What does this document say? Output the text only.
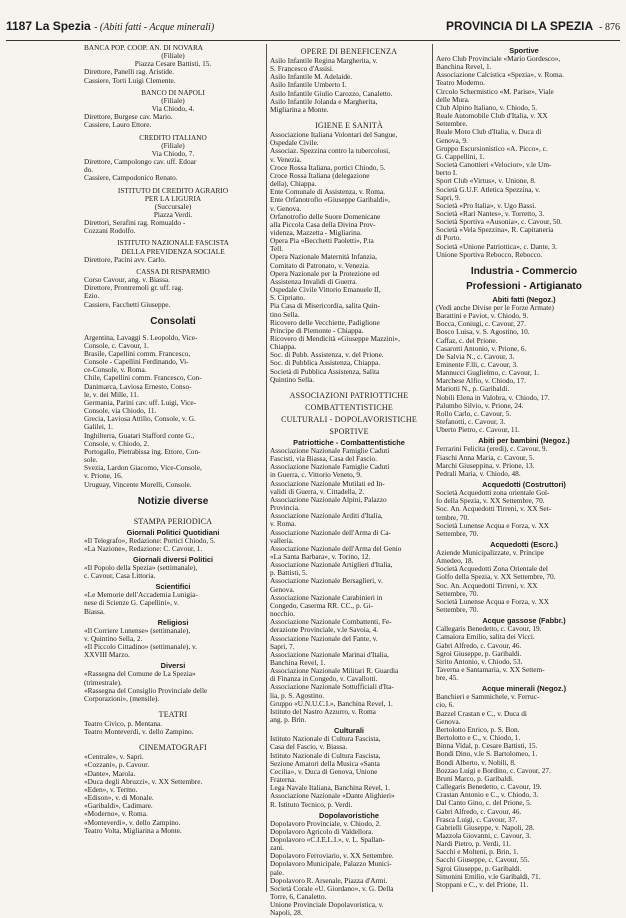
1187 La Spezia - (Abiti fatti - Acque minerali)	PROVINCIA DI LA SPEZIA - 876
BANCA POP. COOP. AN. DI NOVARA
(Filiale)
Piazza Cesare Battisti, 15.
Direttore, Panelli rag. Aristide.
Cassiere, Torti Luigi Clemente.
BANCO DI NAPOLI
(Filiale)
Via Chiodo, 4.
Direttore, Burgese cav. Mario.
Cassiere, Lauro Ettore.
CREDITO ITALIANO
(Filiale)
Via Chiodo, 7.
Direttore, Campolongo cav. uff. Edoar
do.
Cassiere, Campodonico Renato.
ISTITUTO DI CREDITO AGRARIO
PER LA LIGURIA
(Succursale)
Piazza Verdi.
Direttori, Serafini rag. Romualdo -
Cozzani Rodolfo.
ISTITUTO NAZIONALE FASCISTA
DELLA PREVIDENZA SOCIALE
Direttore, Pacini avv. Carlo.
CASSA DI RISPARMIO
Corso Cavour, ang. v. Biassa.
Direttore, Prontremoli gr. uff. rag.
Ezio.
Cassiere, Facchetti Giuseppe.
Consolati
Argentina, Lavaggi S. Leopoldo, Vice-
Console, c. Cavour, 1.
Brasile, Capellini comm. Francesco,
Console - Capellini Ferdinando, Vi-
ce-Console, v. Roma.
Chile, Capellini comm. Francesco, Con-
Danimarca, Laviosa Ernesto, Conso-
le, v. dei Mille, 11.
Germania, Parini cav. uff. Luigi, Vice-
Console, via Chiodo, 11.
Grecia, Laviosa Attilio, Console, v. G.
Galilei, 1.
Inghilterra, Guatari Stafford conte G.,
Console, v. Chiodo, 2.
Portogallo, Pietrabissa ing. Ettore, Con-
sole.
Svezia, Lardon Giacomo, Vice-Console,
v. Prione, 16.
Uruguay, Vincente Morelli, Console.
Notizie diverse
STAMPA PERIODICA
Giornali Politici Quotidiani
«Il Telegrafo», Redazione: Portici Chiodo, 5.
«La Nazione», Redazione: C. Cavour, 1.
Giornali diversi Politici
«Il Popolo della Spezia» (settimanale),
c. Cavour, Casa Littoria.
Scientifici
«Le Memorie dell'Accademia Lunigia-
nese di Scienze G. Capellini», v.
Biassa.
Religiosi
«Il Corriere Lunense» (settimanale),
v. Quintino Sella, 2.
«Il Piccolo Cittadino» (settimanale), v.
XXVIII Marzo.
Diversi
«Rassegna del Comune de La Spezia»
(trimestrale).
«Rassegna del Consiglio Provinciale delle
Corporazioni», (mensile).
TEATRI
Teatro Civico, p. Mentana.
Teatro Monteverdi, v. dello Zampino.
CINEMATOGRAFI
«Centrale», v. Sapri.
«Cozzani», p. Cavour.
«Dante», Marola.
«Duca degli Abruzzi», v. XX Settembre.
«Eden», v. Termo.
«Edison», v. di Monale.
«Garibaldi», Cadimare.
«Moderno», v. Roma.
«Monteverdi», v. dello Zampino.
Teatro Volta, Migliarina a Monte.
OPERE DI BENEFICENZA
Asilo Infantile Regina Margherita, v.
S. Francesco d'Assisi.
Asilo Infantile M. Adelaide.
Asilo Infantile Umberto I.
Asilo Infantile Giulio Carozzo, Canaletto.
Asilo Infantile Jolanda e Margherita,
Migliarina a Monte.
IGIENE E SANITÀ
Associazione Italiana Volontari del Sangue,
Ospedale Civile.
Associaz. Spezzina contro la tubercolosi,
v. Venezia.
Croce Rossa Italiana, portici Chiodo, 5.
Croce Rossa Italiana (delegazione
della), Chiappa.
Ente Comunale di Assistenza, v. Roma.
Ente Orfanotrofio «Giuseppe Garibaldi»,
v. Genova.
Orfanotrofio delle Suore Domenicane
alla Piccola Casa della Divina Prov-
videnza, Mazzetta - Migliarina.
Opera Pia «Becchetti Paoletti», P.ta
Tell.
Opera Nazionale Maternità Infanzia,
Comitato di Patronato, v. Venezia.
Opera Nazionale per la Protezione ed
Assistenza Invalidi di Guerra.
Ospedale Civile Vittorio Emanuele II,
S. Cipriano.
Pia Casa di Misericordia, salita Quin-
tino Sella.
Ricovero delle Vecchiette, Padiglione
Principe di Piemonte - Chiappa.
Ricovero di Mendicità «Giuseppe Mazzini»,
Chiappa.
Soc. di Pubb. Assistenza, v. del Prione.
Soc. di Pubblica Assistenza, Chiappa.
Società di Pubblica Assistenza, Salita
Quintino Sella.
ASSOCIAZIONI PATRIOTTICHE
COMBATTENTISTICHE
CULTURALI - DOPOLAVORISTICHE
SPORTIVE
Patriottiche - Combattentistiche
Associazione Nazionale Famiglie Caduti
Fascisti, via Biassa, Casa del Fascio.
Associazione Nazionale Famiglie Caduti
in Guerra, c. Vittorio Veneto, 9.
Associazione Nazionale Mutilati ed In-
validi di Guerra, v. Cittadella, 2.
Associazione Nazionale Alpini, Palazzo
Provincia.
Associazione Nazionale Arditi d'Italia,
v. Roma.
Associazione Nazionale dell'Arma di Ca-
valleria.
Associazione Nazionale dell'Arma del Genio
«La Santa Barbara», v. Torino, 12.
Associazione Nazionale Artiglieri d'Italia,
p. Battisti, 5.
Associazione Nazionale Bersaglieri, v.
Genova.
Associazione Nazionale Carabinieri in
Congedo, Caserma RR. CC., p. Gi-
nocchio.
Associazione Nazionale Combattenti, Fe-
derazione Provinciale, v.le Savoia, 4.
Associazione Nazionale del Fante, v.
Sapri, 7.
Associazione Nazionale Marinai d'Italia,
Banchina Revel, 1.
Associazione Nazionale Militari R. Guardia
di Finanza in Congedo, v. Cavallotti.
Associazione Nazionale Sottufficiali d'Ita-
lia, p. S. Agostino.
Gruppo «U.N.U.C.I.», Banchina Revel, 1.
Istituto del Nastro Azzurro, v. Roma
ang. p. Brin.
Culturali
Istituto Nazionale di Cultura Fascista,
Casa del Fascio, v. Biassa.
Istituto Nazionale di Cultura Fascista,
Sezione Amatori della Musica «Santa
Cecilia», v. Duca di Genova, Unione
Fraterna.
Lega Navale Italiana, Banchina Revel, 1.
Associazione Nazionale «Dante Alighieri»
R. Istituto Tecnico, p. Verdi.
Dopolavoristiche
Dopolavoro Provinciale, v. Chiodo, 2.
Dopolavoro Agricolo di Valdellora.
Dopolavoro «C.I.E.L.I.», v. L. Spallan-
zani.
Dopolavoro Ferroviario, v. XX Settembre.
Dopolavoro Municipale, Palazzo Munici-
pale.
Dopolavoro R. Arsenale, Piazza d'Armi.
Società Corale «U. Giordano», v. G. Della
Torre, 6, Canaletto.
Unione Provinciale Dopolavoristica, v.
Napoli, 28.
Sportive
Aero Club Provinciale «Mario Gordesco»,
Banchina Revel, 1.
Associazione Calcistica «Spezia», v. Roma.
Teatro Moderno.
Circolo Schermistico «M. Parise», Viale
delle Mura.
Club Alpino Italiano, v. Chiodo, 5.
Reale Automobile Club d'Italia, v. XX
Settembre.
Reale Moto Club d'Italia, v. Duca di
Genova, 9.
Gruppo Escursionistico «A. Picco», c.
G. Cappellini, 1.
Società Canottieri «Velocior», v.le Um-
berto I.
Sport Club «Virtus», v. Unione, 8.
Società G.U.F. Atletica Spezzina, v.
Sapri, 9.
Società «Pro Italia», v. Ugo Bassi.
Società «Rari Nantes», v. Torretto, 3.
Società Sportiva «Ausonia», c. Cavour, 50.
Società «Vela Spezzina», R. Capitaneria
di Porto.
Società «Unione Patriottica», c. Dante, 3.
Unione Sportiva Rebocco, Rebocco.
Industria - Commercio
Professioni - Artigianato
Abiti fatti (Negoz.)
(Vedi anche Divise per le Forze Armate)
Barattini e Paviot, v. Chiodo, 9.
Bocca, Coniugi, c. Cavour, 27.
Bosco Luisa, v. S. Agostino, 10.
Caffaz, c. del Prione.
Casarotti Antonio, v. Prione, 6.
De Salvia N., c. Cavour, 3.
Eminente F.lli, c. Cavour, 3.
Mannucci Guglielmo, c. Cavour, 1.
Marchese Alfio, v. Chiodo, 17.
Mariotti N., p. Garibaldi.
Nobili Elena in Valobra, v. Chiodo, 17.
Palumbo Silvio, v. Prione, 24.
Rollo Carlo, c. Cavour, 5.
Stefanotti, c. Cavour, 3.
Uberto Pietro, c. Cavour, 11.
Abiti per bambini (Negoz.)
Ferrarini Felicita (eredi), c. Cavour, 9.
Fiaschi Anna Maria, c. Cavour, 5.
Marchi Giuseppina, v. Prione, 13.
Pedrali Maria, v. Chiodo, 48.
Acquedotti (Costruttori)
Società Acquedotti zona orientale Gol-
fo della Spezia, v. XX Settembre, 70.
Soc. An. Acquedotti Tirreni, v. XX Set-
tembre, 70.
Società Lunense Acqua e Forza, v. XX
Settembre, 70.
Acquedotti (Escrc.)
Aziende Municipalizzate, v. Principe
Amedeo, 18.
Società Acquedotti Zona Orientale del
Golfo della Spezia, v. XX Settembre, 70.
Soc. An. Acquedotti Tirreni, v. XX
Settembre, 70.
Società Lunense Acqua e Forza, v. XX
Settembre, 70.
Acque gassose (Fabbr.)
Callegaris Benedetto, c. Cavour, 19.
Camaiora Emilio, salita dei Vicci.
Gabri Alfredo, c. Cavour, 46.
Sgroi Giuseppe, p. Garibaldi.
Sirito Antonio, v. Chiodo, 53.
Taverna e Santamaria, v. XX Settem-
bre, 45.
Acque minerali (Negoz.)
Banchieri e Sammichele, v. Ferruc-
cio, 6.
Bazzel Crastan e C., v. Duca di
Genova.
Bertolotto Enrico, p. S. Bon.
Bertolotto e C., v. Chiodo, 1.
Binna Vidal, p. Cesare Battisti, 15.
Bondi Dino, v.le S. Bartolomeo, 1.
Bondi Alberto, v. Nobili, 8.
Bozzao Luigi e Bordino, c. Cavour, 27.
Bruni Marco, p. Garibaldi.
Callegaris Benedetto, c. Cavour, 19.
Crastan Antonio e C., v. Chiodo, 3.
Dal Canto Gino, c. del Prione, 5.
Gabri Alfredo, c. Cavour, 46.
Frasca Luigi, c. Cavour, 37.
Gabrielli Giuseppe, v. Napoli, 28.
Mazzola Giovanni, c. Cavour, 3.
Nardi Pietro, p. Verdi, 11.
Sacchi e Molteni, p. Brin, 1.
Sacchi Giuseppe, c. Cavour, 55.
Sgroi Giuseppe, p. Garibaldi.
Simonini Emilio, v.le Garibaldi, 71.
Stoppani e C., v. del Prione, 11.
